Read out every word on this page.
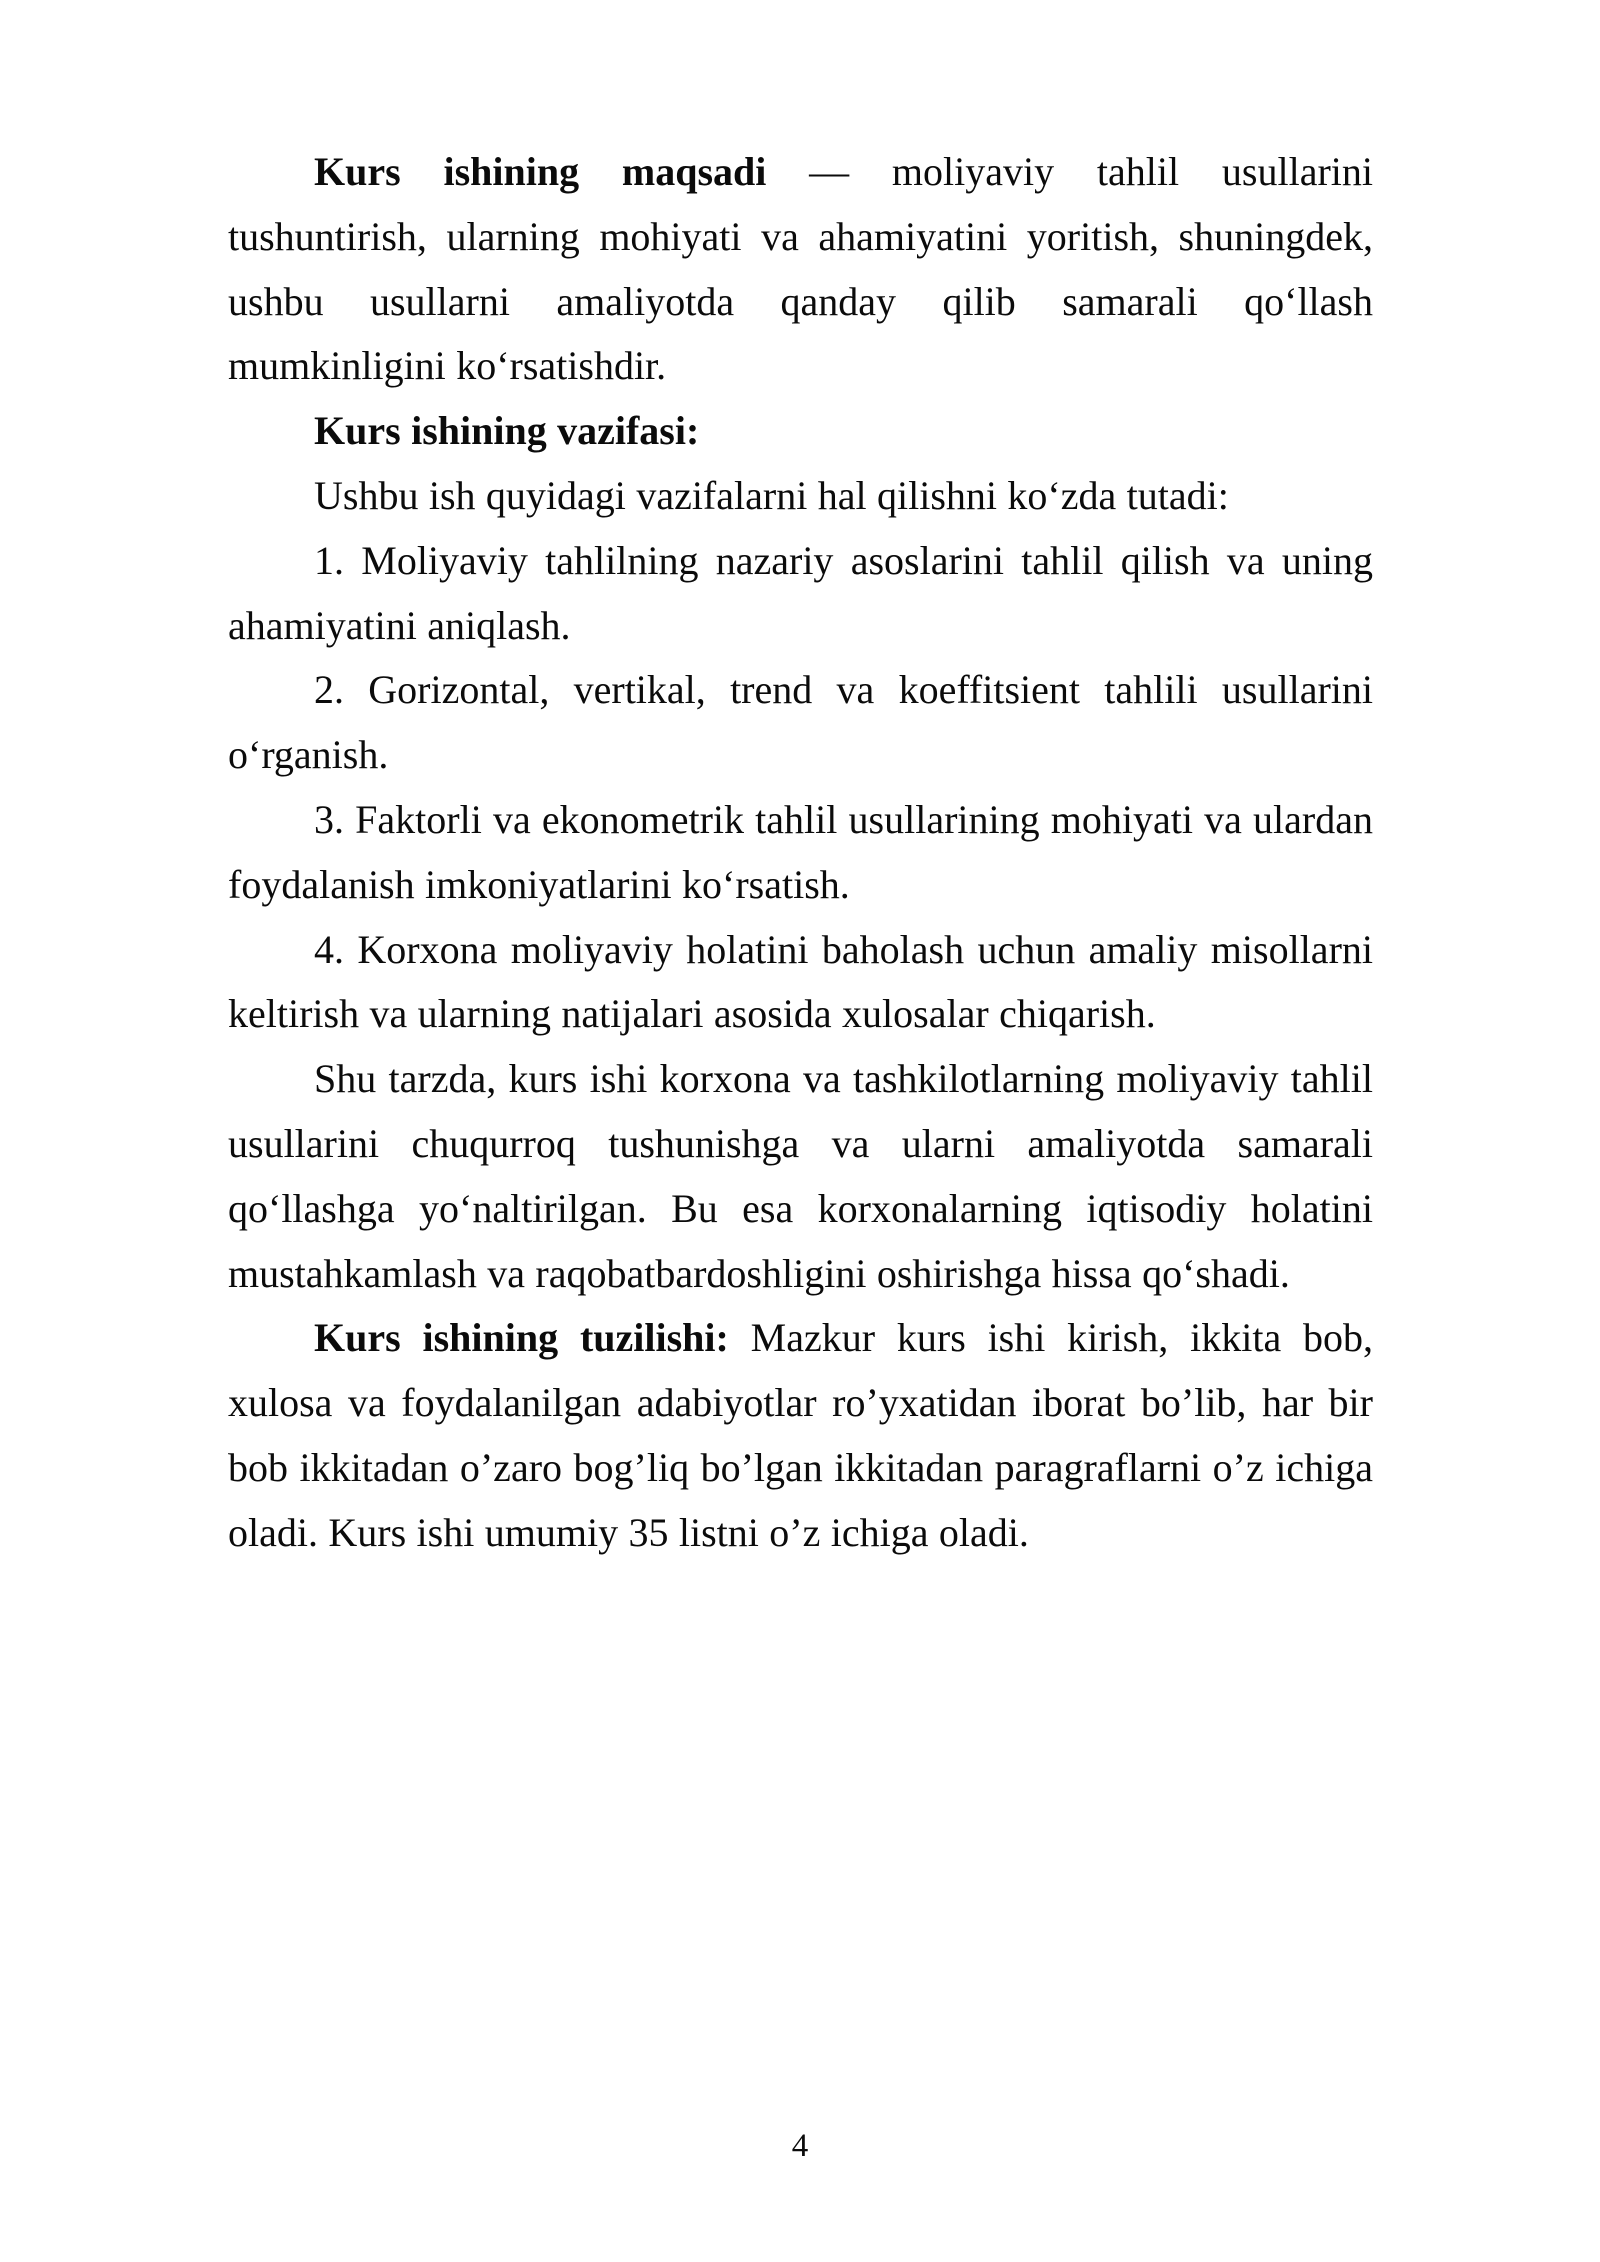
Kurs ishining maqsadi — moliyaviy tahlil usullarini tushuntirish, ularning mohiyati va ahamiyatini yoritish, shuningdek, ushbu usullarni amaliyotda qanday qilib samarali qo‘llash mumkinligini ko‘rsatishdir.

Kurs ishining vazifasi:

Ushbu ish quyidagi vazifalarni hal qilishni ko‘zda tutadi:

1. Moliyaviy tahlilning nazariy asoslarini tahlil qilish va uning ahamiyatini aniqlash.

2. Gorizontal, vertikal, trend va koeffitsient tahlili usullarini o‘rganish.

3. Faktorli va ekonometrik tahlil usullarining mohiyati va ulardan foydalanish imkoniyatlarini ko‘rsatish.

4. Korxona moliyaviy holatini baholash uchun amaliy misollarni keltirish va ularning natijalari asosida xulosalar chiqarish.

Shu tarzda, kurs ishi korxona va tashkilotlarning moliyaviy tahlil usullarini chuqurroq tushunishga va ularni amaliyotda samarali qo‘llashga yo‘naltirilgan. Bu esa korxonalarning iqtisodiy holatini mustahkamlash va raqobatbardoshligini oshirishga hissa qo‘shadi.

Kurs ishining tuzilishi: Mazkur kurs ishi kirish, ikkita bob, xulosa va foydalanilgan adabiyotlar ro’yxatidan iborat bo’lib, har bir bob ikkitadan o’zaro bog’liq bo’lgan ikkitadan paragraflarni o’z ichiga oladi. Kurs ishi umumiy 35 listni o’z ichiga oladi.

4
